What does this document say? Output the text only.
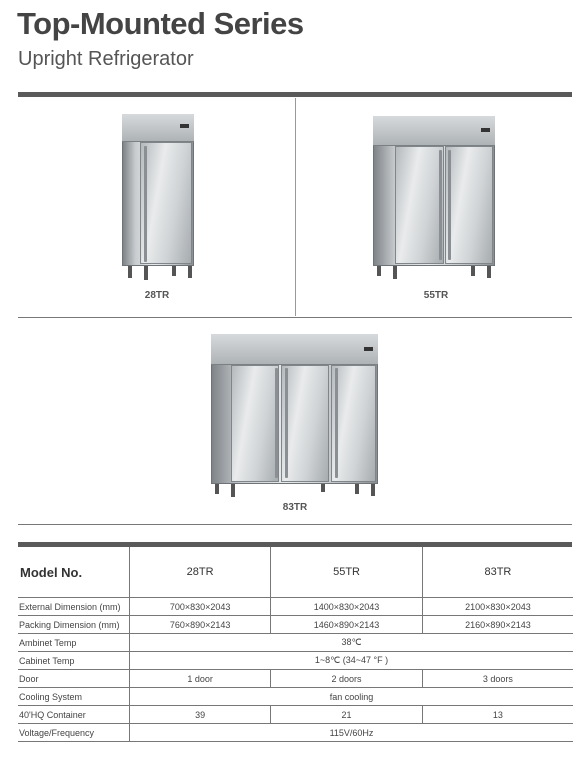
Top-Mounted Series
Upright Refrigerator
28TR	55TR
83TR
Model No.	28TR	55TR	83TR
External Dimension (mm)	700×830×2043	1400×830×2043	2100×830×2043
Packing Dimension (mm)	760×890×2143	1460×890×2143	2160×890×2143
Ambinet Temp	38℃		
Cabinet Temp	1~8℃ (34~47 °F )		
Door	1 door	2 doors	3 doors
Cooling System	fan cooling		
40'HQ Container	39	21	13
Voltage/Frequency	115V/60Hz		
